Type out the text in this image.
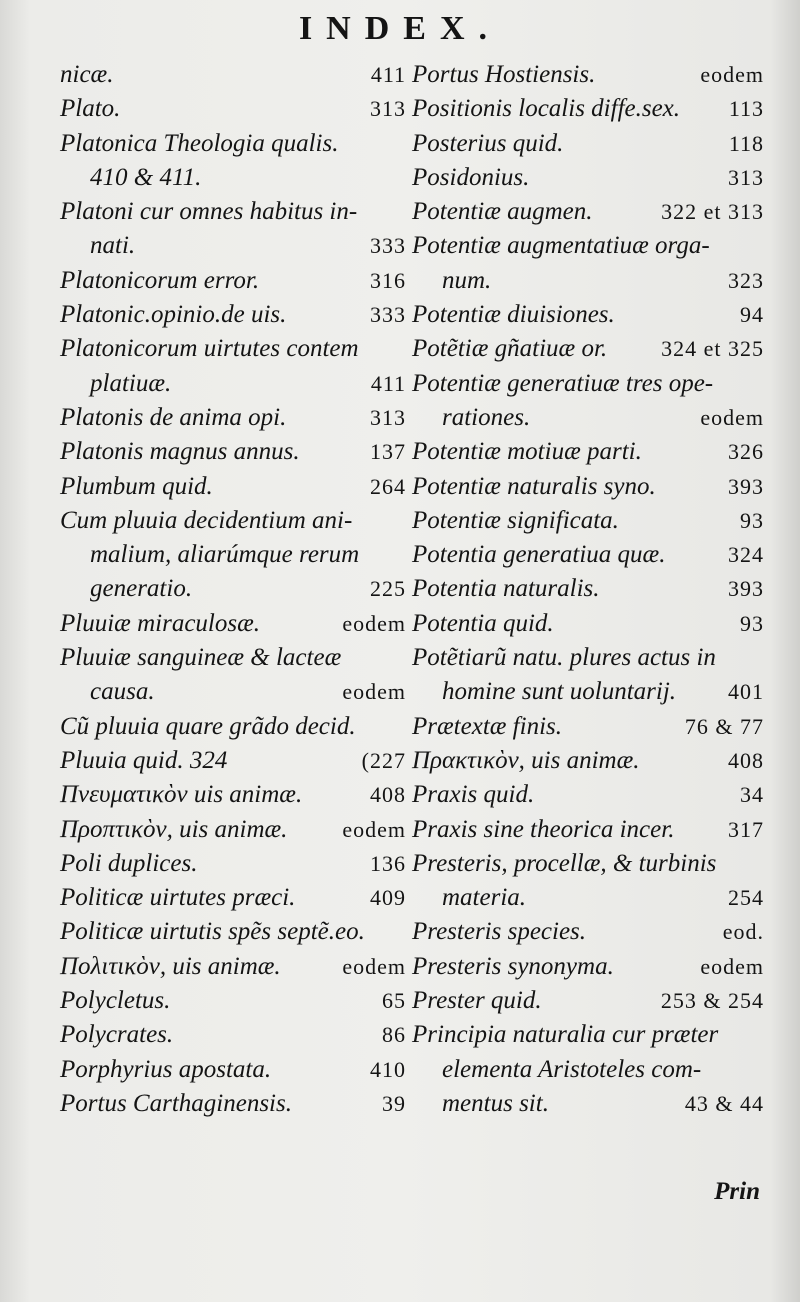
INDEX.
nicæ.	411
Plato.	313
Platonica Theologia qualis.
410 & 411.
Platoni cur omnes habitus in-
nati.	333
Platonicorum error.	316
Platonic.opinio.de uis.	333
Platonicorum uirtutes contem
platiuæ.	411
Platonis de anima opi.	313
Platonis magnus annus.	137
Plumbum quid.	264
Cum pluuia decidentium ani-
malium, aliarúmque rerum
generatio.	225
Pluuiæ miraculosæ.	eodem
Pluuiæ sanguineæ & lacteæ
causa.	eodem
Cũ pluuia quare grãdo decid.
Pluuia quid. 324	(227
Πνευματικὸν uis animæ.	408
Προπτικὸν, uis animæ. eodem
Poli duplices.	136
Politicæ uirtutes præci.	409
Politicæ uirtutis spẽs septẽ.eo.
Πολιτικὸν, uis animæ.	eodem
Polycletus.	65
Polycrates.	86
Porphyrius apostata.	410
Portus Carthaginensis.	39
Portus Hostiensis.	eodem
Positionis localis diffe.sex. 113
Posterius quid.	118
Posidonius.	313
Potentiæ augmen.	322 et 313
Potentiæ augmentatiuæ orga-
num.	323
Potentiæ diuisiones.	94
Potẽtiæ gñatiuæ or. 324 et 325
Potentiæ generatiuæ tres ope-
rationes.	eodem
Potentiæ motiuæ parti.	326
Potentiæ naturalis syno.	393
Potentiæ significata.	93
Potentia generatiua quæ.	324
Potentia naturalis.	393
Potentia quid.	93
Potẽtiarũ natu. plures actus in
homine sunt uoluntarij. 401
Prætextæ finis.	76 & 77
Πρακτικὸν, uis animæ.	408
Praxis quid.	34
Praxis sine theorica incer. 317
Presteris, procellæ, & turbinis
materia.	254
Presteris species.	eod.
Presteris synonyma.	eodem
Prester quid.	253 & 254
Principia naturalia cur præter
elementa Aristoteles com-
mentus sit.	43 & 44
Prin
